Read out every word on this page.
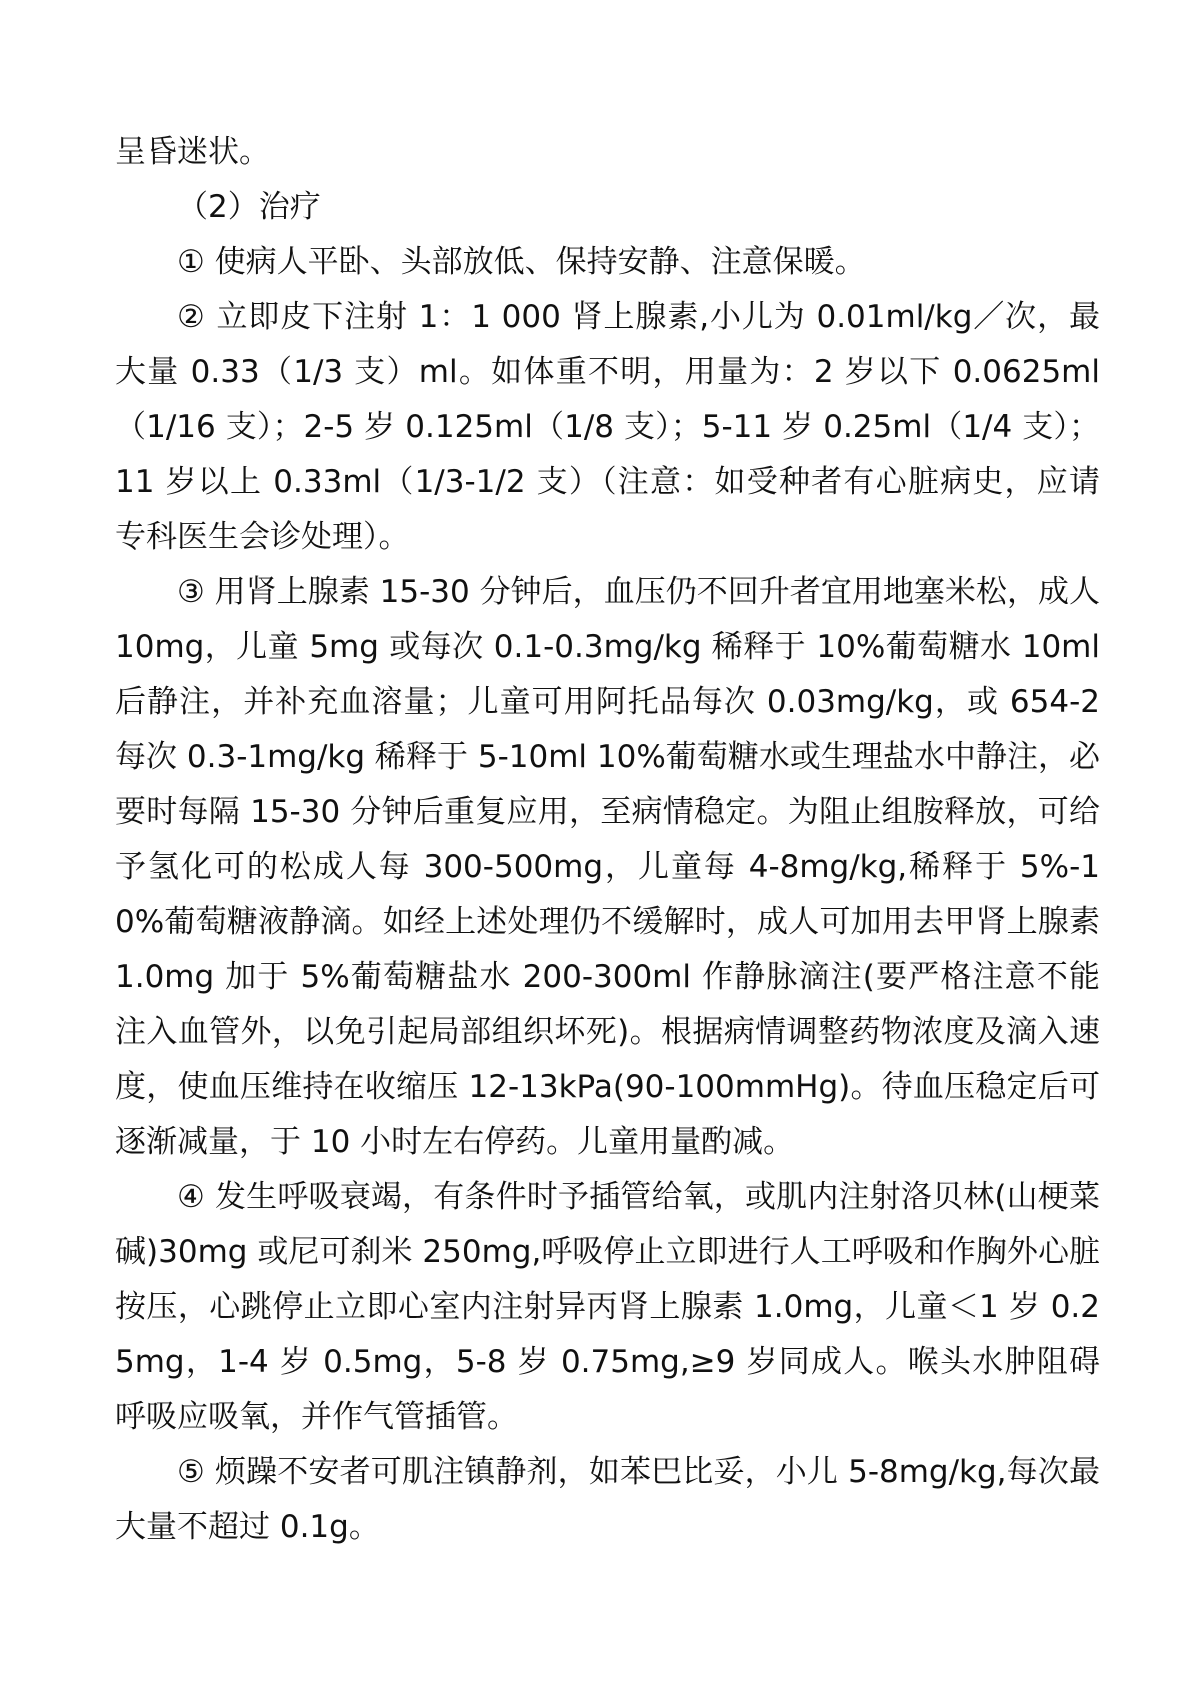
呈昏迷状。

（2）治疗

① 使病人平卧、头部放低、保持安静、注意保暖。

② 立即皮下注射 1：1 000 肾上腺素,小儿为 0.01ml/kg／次，最大量 0.33（1/3 支）ml。如体重不明，用量为：2 岁以下 0.0625ml（1/16 支）；2-5 岁 0.125ml（1/8 支）；5-11 岁 0.25ml（1/4 支）；11 岁以上 0.33ml（1/3-1/2 支）（注意：如受种者有心脏病史，应请专科医生会诊处理）。

③ 用肾上腺素 15-30 分钟后，血压仍不回升者宜用地塞米松，成人 10mg，儿童 5mg 或每次 0.1-0.3mg/kg 稀释于 10%葡萄糖水 10ml 后静注，并补充血溶量；儿童可用阿托品每次 0.03mg/kg，或 654-2 每次 0.3-1mg/kg 稀释于 5-10ml 10%葡萄糖水或生理盐水中静注，必要时每隔 15-30 分钟后重复应用，至病情稳定。为阻止组胺释放，可给予氢化可的松成人每 300-500mg，儿童每 4-8mg/kg,稀释于 5%-10%葡萄糖液静滴。如经上述处理仍不缓解时，成人可加用去甲肾上腺素 1.0mg 加于 5%葡萄糖盐水 200-300ml 作静脉滴注(要严格注意不能注入血管外，以免引起局部组织坏死)。根据病情调整药物浓度及滴入速度，使血压维持在收缩压 12-13kPa(90-100mmHg)。待血压稳定后可逐渐减量，于 10 小时左右停药。儿童用量酌减。

④ 发生呼吸衰竭，有条件时予插管给氧，或肌内注射洛贝林(山梗菜碱)30mg 或尼可刹米 250mg,呼吸停止立即进行人工呼吸和作胸外心脏按压，心跳停止立即心室内注射异丙肾上腺素 1.0mg，儿童＜1 岁 0.25mg，1-4 岁 0.5mg，5-8 岁 0.75mg,≥9 岁同成人。喉头水肿阻碍呼吸应吸氧，并作气管插管。

⑤ 烦躁不安者可肌注镇静剂，如苯巴比妥，小儿 5-8mg/kg,每次最大量不超过 0.1g。
